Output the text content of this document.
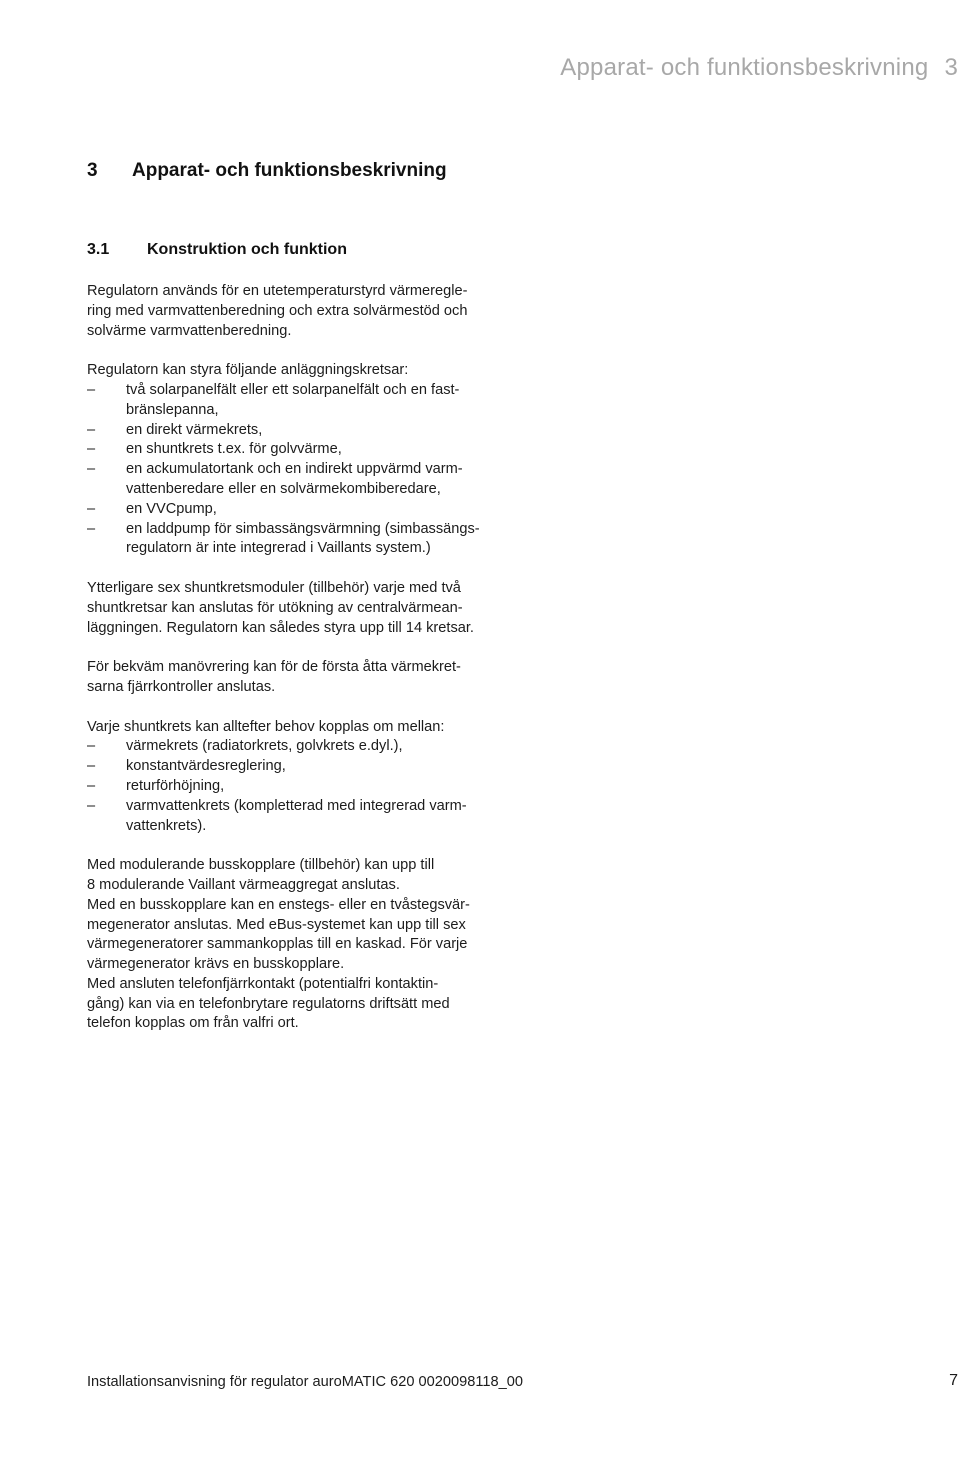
Apparat- och funktionsbeskrivning 3
3 Apparat- och funktionsbeskrivning
3.1 Konstruktion och funktion
Regulatorn används för en utetemperaturstyrd värmeregle-
ring med varmvattenberedning och extra solvärmestöd och
solvärme varmvattenberedning.
Regulatorn kan styra följande anläggningskretsar:
– två solarpanelfält eller ett solarpanelfält och en fast-
bränslepanna,
– en direkt värmekrets,
– en shuntkrets t.ex. för golvvärme,
– en ackumulatortank och en indirekt uppvärmd varm-
vattenberedare eller en solvärmekombiberedare,
– en VVCpump,
– en laddpump för simbassängsvärmning (simbassängs-
regulatorn är inte integrerad i Vaillants system.)
Ytterligare sex shuntkretsmoduler (tillbehör) varje med två
shuntkretsar kan anslutas för utökning av centralvärmean-
läggningen. Regulatorn kan således styra upp till 14 kretsar.
För bekväm manövrering kan för de första åtta värmekret-
sarna fjärrkontroller anslutas.
Varje shuntkrets kan alltefter behov kopplas om mellan:
– värmekrets (radiatorkrets, golvkrets e.dyl.),
– konstantvärdesreglering,
– returförhöjning,
– varmvattenkrets (kompletterad med integrerad varm-
vattenkrets).
Med modulerande busskopplare (tillbehör) kan upp till
8 modulerande Vaillant värmeaggregat anslutas.
Med en busskopplare kan en enstegs- eller en tvåstegsvär-
megenerator anslutas. Med eBus-systemet kan upp till sex
värmegeneratorer sammankopplas till en kaskad. För varje
värmegenerator krävs en busskopplare.
Med ansluten telefonfjärrkontakt (potentialfri kontaktin-
gång) kan via en telefonbrytare regulatorns driftsätt med
telefon kopplas om från valfri ort.
Installationsanvisning för regulator auroMATIC 620 0020098118_00	7
